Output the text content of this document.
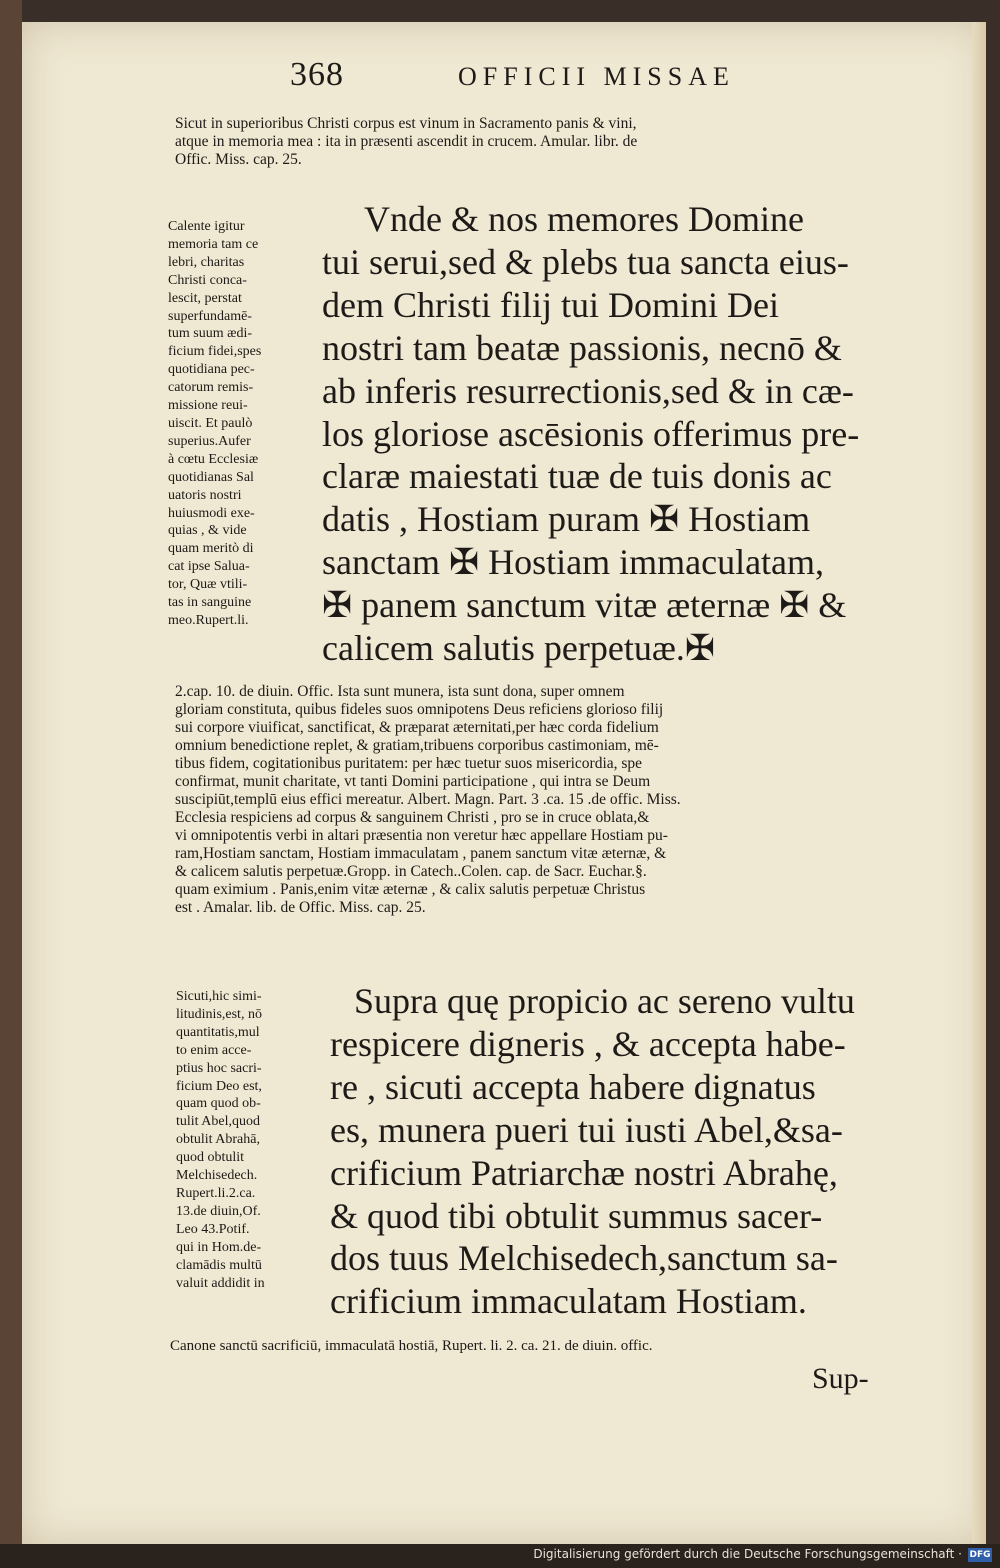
368	OFFICII MISSAE
Sicut in superioribus Christi corpus est vinum in Sacramento panis & vini,
atque in memoria mea : ita in præsenti ascendit in crucem. Amular. libr. de
Offic. Miss. cap. 25.
Calente igitur
memoria tam ce
lebri, charitas
Christi conca-
lescit, perstat
superfundamē-
tum suum ædi-
ficium fidei,spes
quotidiana pec-
catorum remis-
missione reui-
uiscit. Et paulò
superius.Aufer
à cœtu Ecclesiæ
quotidianas Sal
uatoris nostri
huiusmodi exe-
quias , & vide
quam meritò di
cat ipse Salua-
tor, Quæ vtili-
tas in sanguine
meo.Rupert.li.
Vnde & nos memores Domine
tui serui,sed & plebs tua sancta eius-
dem Christi filij tui Domini Dei
nostri tam beatæ passionis, necnō &
ab inferis resurrectionis,sed & in cæ-
los gloriose ascēsionis offerimus pre-
claræ maiestati tuæ de tuis donis ac
datis , Hostiam puram ✠ Hostiam
sanctam ✠ Hostiam immaculatam,
✠ panem sanctum vitæ æternæ ✠ &
calicem salutis perpetuæ.✠
2.cap. 10. de diuin. Offic. Ista sunt munera, ista sunt dona, super omnem
gloriam constituta, quibus fideles suos omnipotens Deus reficiens glorioso filij
sui corpore viuificat, sanctificat, & præparat æternitati,per hæc corda fidelium
omnium benedictione replet, & gratiam,tribuens corporibus castimoniam, mē-
tibus fidem, cogitationibus puritatem: per hæc tuetur suos misericordia, spe
confirmat, munit charitate, vt tanti Domini participatione , qui intra se Deum
suscipiūt,templū eius effici mereatur. Albert. Magn. Part. 3 .ca. 15 .de offic. Miss.
Ecclesia respiciens ad corpus & sanguinem Christi , pro se in cruce oblata,&
vi omnipotentis verbi in altari præsentia non veretur hæc appellare Hostiam pu-
ram,Hostiam sanctam, Hostiam immaculatam , panem sanctum vitæ æternæ, &
& calicem salutis perpetuæ.Gropp. in Catech..Colen. cap. de Sacr. Euchar.§.
quam eximium . Panis,enim vitæ æternæ , & calix salutis perpetuæ Christus
est . Amalar. lib. de Offic. Miss. cap. 25.
Sicuti,hic simi-
litudinis,est, nō
quantitatis,mul
to enim acce-
ptius hoc sacri-
ficium Deo est,
quam quod ob-
tulit Abel,quod
obtulit Abrahā,
quod obtulit
Melchisedech.
Rupert.li.2.ca.
13.de diuin,Of.
Leo 43.Potif.
qui in Hom.de-
clamādis multū
valuit addidit in
Supra quę propicio ac sereno vultu
respicere digneris , & accepta habe-
re , sicuti accepta habere dignatus
es, munera pueri tui iusti Abel,&sa-
crificium Patriarchæ nostri Abrahę,
& quod tibi obtulit summus sacer-
dos tuus Melchisedech,sanctum sa-
crificium immaculatam Hostiam.
Canone sanctū sacrificiū, immaculatā hostiā, Rupert. li. 2. ca. 21. de diuin. offic.
Sup-
Digitalisierung gefördert durch die Deutsche Forschungsgemeinschaft · DFG
